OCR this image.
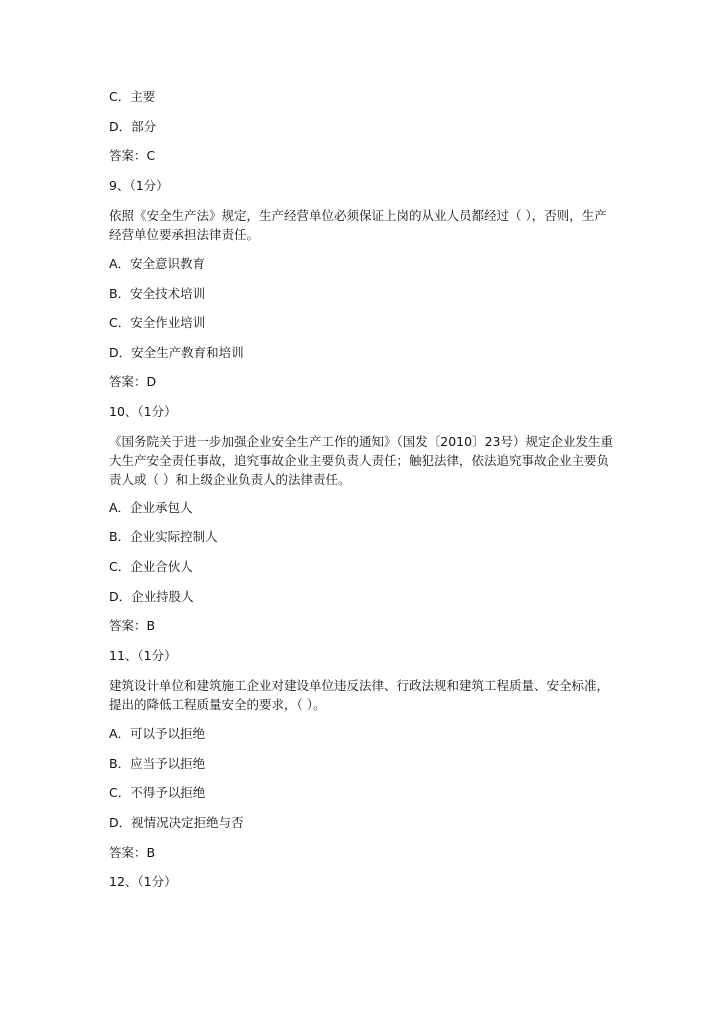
C．主要
D．部分
答案：C
9、（1分）
依照《安全生产法》规定，生产经营单位必须保证上岗的从业人员都经过（ ），否则，生产经营单位要承担法律责任。
A．安全意识教育
B．安全技术培训
C．安全作业培训
D．安全生产教育和培训
答案：D
10、（1分）
《国务院关于进一步加强企业安全生产工作的通知》（国发〔2010〕23号）规定企业发生重大生产安全责任事故，追究事故企业主要负责人责任；触犯法律，依法追究事故企业主要负责人或（ ）和上级企业负责人的法律责任。
A．企业承包人
B．企业实际控制人
C．企业合伙人
D．企业持股人
答案：B
11、（1分）
建筑设计单位和建筑施工企业对建设单位违反法律、行政法规和建筑工程质量、安全标准，提出的降低工程质量安全的要求，（ ）。
A．可以予以拒绝
B．应当予以拒绝
C．不得予以拒绝
D．视情况决定拒绝与否
答案：B
12、（1分）
